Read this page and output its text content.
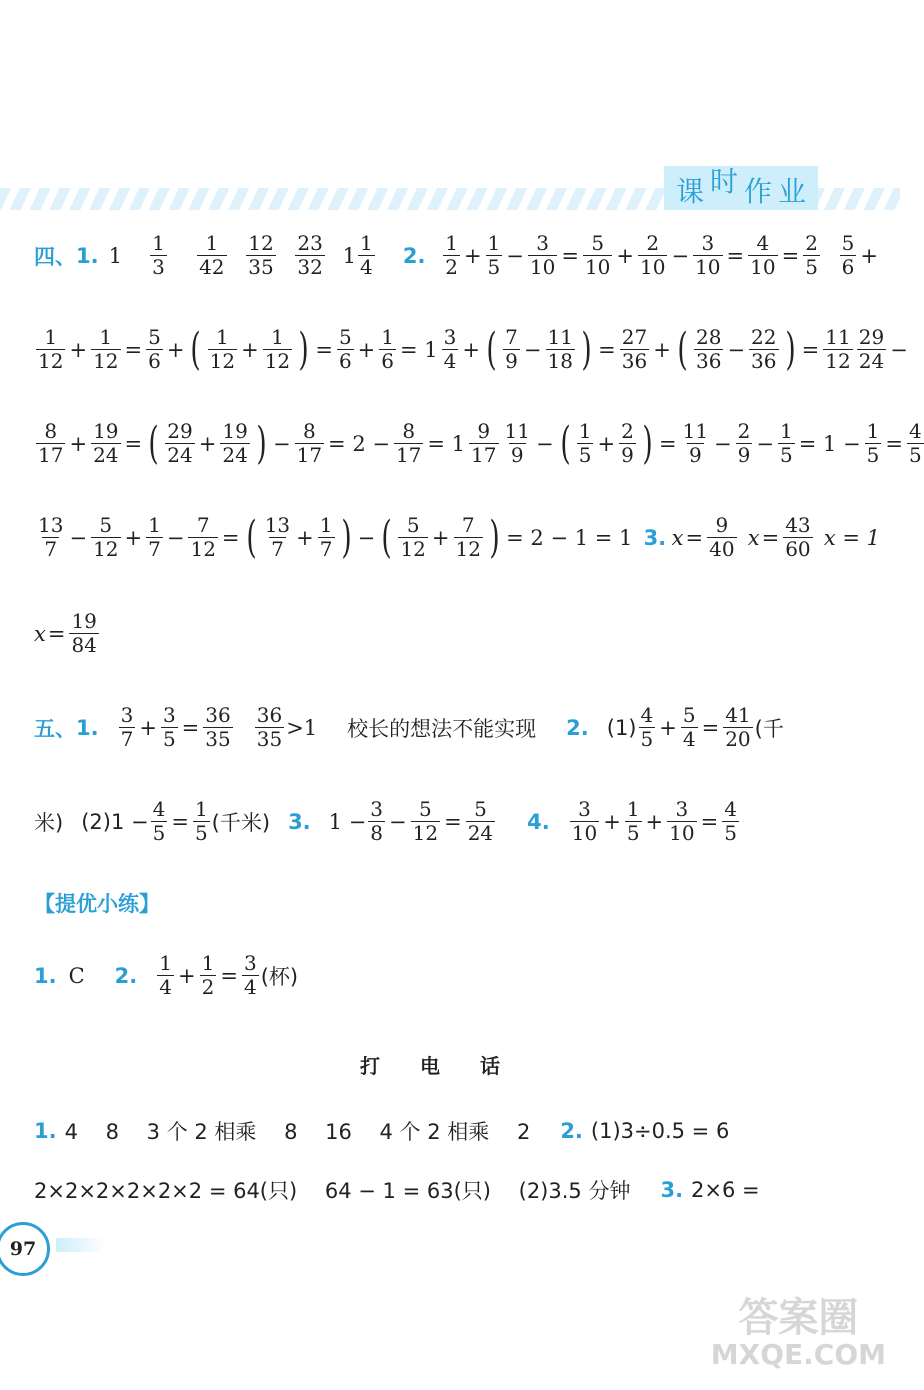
课 时 作 业
四、 1. $1 \frac{1}{3} \frac{1}{42} \frac{12}{35} \frac{23}{32} 1 \frac{1}{4} 2$. $\frac{1}{2} + \frac{1}{5} - \frac{3}{10} = \frac{5}{10} + \frac{2}{10} - \frac{3}{10} = \frac{4}{10} = \frac{2}{5} \frac{5}{6}$ +
$\frac{1}{12} + \frac{1}{12} = \frac{5}{6}$ + ( $\frac{1}{12} + \frac{1}{12}$ ) = $\frac{5}{6} + \frac{1}{6} = 1 \frac{3}{4}$ + ( $\frac{7}{9} - \frac{11}{18}$ ) = $\frac{27}{36}$ + ( $\frac{28}{36} - \frac{22}{36}$ ) = $\frac{11}{12} \frac{29}{24}$ −
$\frac{8}{17} + \frac{19}{24}$ = ( $\frac{29}{24} + \frac{19}{24}$ ) − $\frac{8}{17} = 2 - \frac{8}{17} = 1 \frac{9}{17} \frac{11}{9}$ − ( $\frac{1}{5} + \frac{2}{9}$ ) = $\frac{11}{9} - \frac{2}{9} - \frac{1}{5} = 1 - \frac{1}{5} = \frac{4}{5}$
$\frac{13}{7} - \frac{5}{12} + \frac{1}{7} - \frac{7}{12}$ = ( $\frac{13}{7} + \frac{1}{7}$ ) − ( $\frac{5}{12} + \frac{7}{12}$ ) = 2 − 1 = 1 3. $x = \frac{9}{40}$ $x = \frac{43}{60}$ x = 1
$x = \frac{19}{84}$
五、 1. $\frac{3}{7} + \frac{3}{5} = \frac{36}{35} \frac{36}{35} >1$ 校长的想法不能实现 2. $(1) \frac{4}{5} + \frac{5}{4} = \frac{41}{20}$ (千
米) $(2)1 - \frac{4}{5} = \frac{1}{5}$ (千米) 3. $1 - \frac{3}{8} - \frac{5}{12} = \frac{5}{24} 4$. $\frac{3}{10} + \frac{1}{5} + \frac{3}{10} = \frac{4}{5}$
【提优小练】
1. C 2. $\frac{1}{4} + \frac{1}{2} = \frac{3}{4}$ (杯)
打电话
1. 4　 8　 3 个 2 相乘　 8　 16　 4 个 2 相乘　 2 2. (1)3÷0.5 = 6
2×2×2×2×2×2 = 64(只)　 64 − 1 = 63(只)　 (2)3.5 分钟 3. 2×6 =
97
答案圈
MXQE.COM
